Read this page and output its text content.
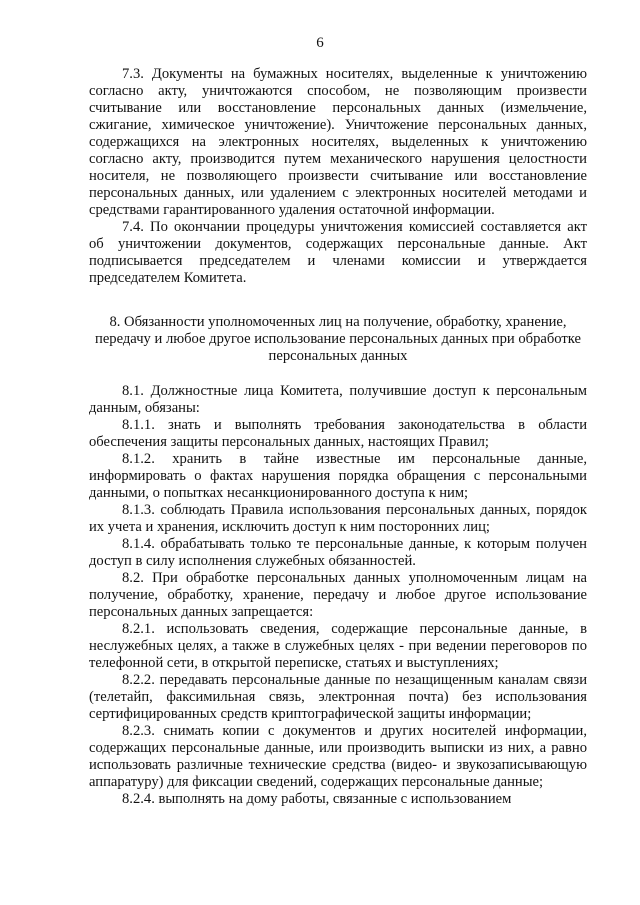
6

7.3. Документы на бумажных носителях, выделенные к уничтожению согласно акту, уничтожаются способом, не позволяющим произвести считывание или восстановление персональных данных (измельчение, сжигание, химическое уничтожение). Уничтожение персональных данных, содержащихся на электронных носителях, выделенных к уничтожению согласно акту, производится путем механического нарушения целостности носителя, не позволяющего произвести считывание или восстановление персональных данных, или удалением с электронных носителей методами и средствами гарантированного удаления остаточной информации.

7.4. По окончании процедуры уничтожения комиссией составляется акт об уничтожении документов, содержащих персональные данные. Акт подписывается председателем и членами комиссии и утверждается председателем Комитета.

8. Обязанности уполномоченных лиц на получение, обработку, хранение, передачу и любое другое использование персональных данных при обработке персональных данных

8.1. Должностные лица Комитета, получившие доступ к персональным данным, обязаны:

8.1.1. знать и выполнять требования законодательства в области обеспечения защиты персональных данных, настоящих Правил;

8.1.2. хранить в тайне известные им персональные данные, информировать о фактах нарушения порядка обращения с персональными данными, о попытках несанкционированного доступа к ним;

8.1.3. соблюдать Правила использования персональных данных, порядок их учета и хранения, исключить доступ к ним посторонних лиц;

8.1.4. обрабатывать только те персональные данные, к которым получен доступ в силу исполнения служебных обязанностей.

8.2. При обработке персональных данных уполномоченным лицам на получение, обработку, хранение, передачу и любое другое использование персональных данных запрещается:

8.2.1. использовать сведения, содержащие персональные данные, в неслужебных целях, а также в служебных целях - при ведении переговоров по телефонной сети, в открытой переписке, статьях и выступлениях;

8.2.2. передавать персональные данные по незащищенным каналам связи (телетайп, факсимильная связь, электронная почта) без использования сертифицированных средств криптографической защиты информации;

8.2.3. снимать копии с документов и других носителей информации, содержащих персональные данные, или производить выписки из них, а равно использовать различные технические средства (видео- и звукозаписывающую аппаратуру) для фиксации сведений, содержащих персональные данные;

8.2.4. выполнять на дому работы, связанные с использованием
